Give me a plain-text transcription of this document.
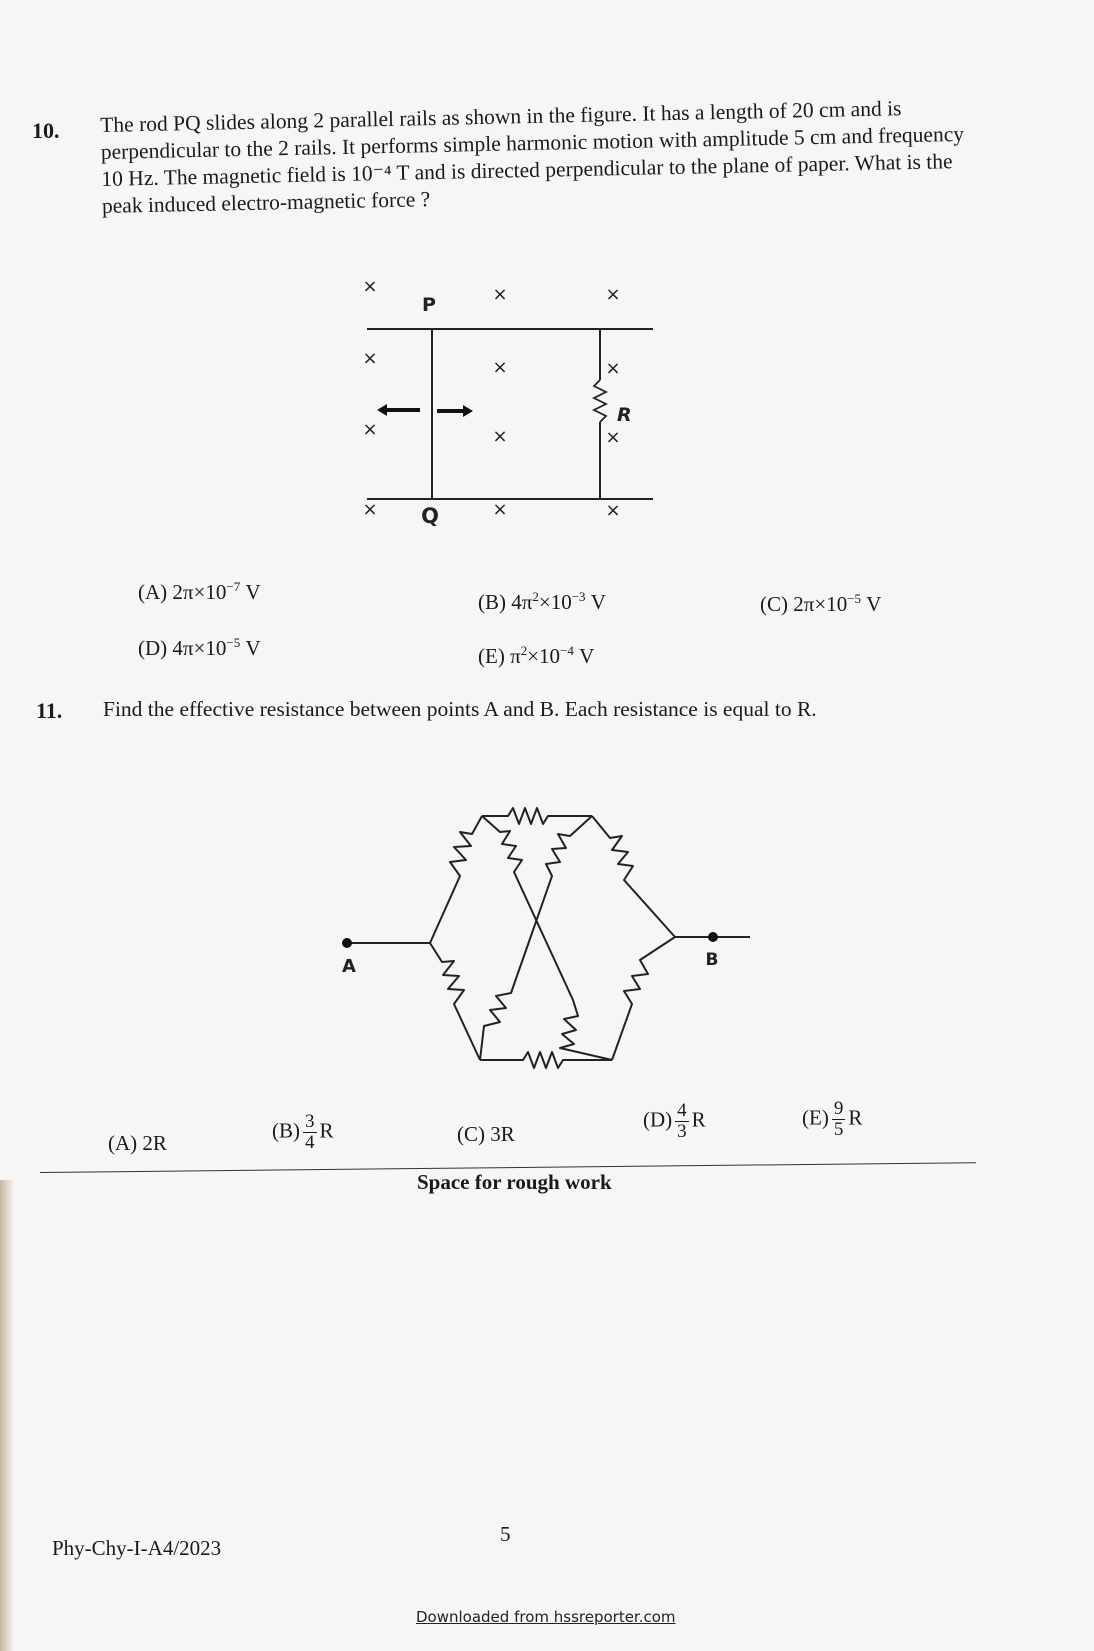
10. The rod PQ slides along 2 parallel rails as shown in the figure. It has a length of 20 cm and is perpendicular to the 2 rails. It performs simple harmonic motion with amplitude 5 cm and frequency 10 Hz. The magnetic field is 10⁻⁴ T and is directed perpendicular to the plane of paper. What is the peak induced electro-magnetic force ?
×	×	×
×	×	×
×	×	×
×	×	×
P
Q
R
(A) $2\pi\times 10^{-7}$ V	(B) $4\pi^2\times 10^{-3}$ V	(C) $2\pi\times 10^{-5}$ V
(D) $4\pi\times 10^{-5}$ V	(E) $\pi^2\times 10^{-4}$ V
11. Find the effective resistance between points A and B. Each resistance is equal to R.
A	B
(A) 2R
$(B) \frac{3}{4}$ R	(C) 3R
$(D) \frac{4}{3}$ R	$(E) \frac{9}{5}$ R
Space for rough work
Phy-Chy-I-A4/2023
5
Downloaded from hssreporter.com
